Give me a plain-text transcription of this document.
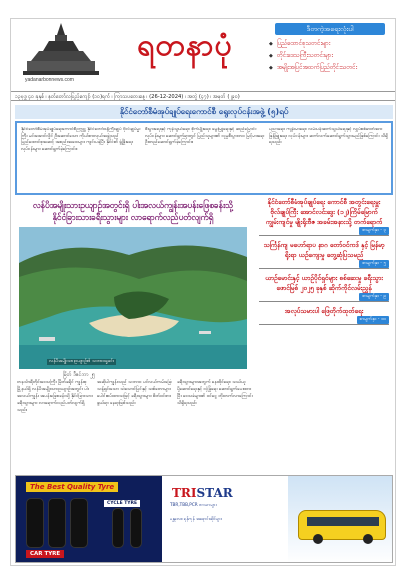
yadanarbonnews.com
ရတနာပုံ	ဒီတကဲ့အရေးလုံးပါ
◆ ပြည်ထောင်စုသတင်းများ
◆ တိုင်းဒေသကြီးသတင်းများ
◆ အမျိုးအပြင်အထက်ပြည်တိုင်းသတင်း
၁၃ဗုဒ္ဓ ၄ဝ ခုနှစ် ၊ နတ်တော်လပြည့်ကျော် (၁၀)ရက် ၊ ကြာသပတေးနေ့ ၊ (26-12-2024) ၊ အတွဲ (၄၇) ၊ အမှတ် (၂၉၀)
နိုင်ငံတော်စီမံအုပ်ချုပ်ရေးကောင်စီ ရွေးလုပ်ငန်းအဖွဲ့ (၅)ရပ်
နိုင်ငံတော်စီမံအုပ်ချုပ်ရေးကောင်စီဥက္ကဋ္ဌ နိုင်ငံတော်ဝန်ကြီးချုပ် ဗိုလ်ချုပ်မှူးကြီး မင်းအောင်လှိုင် ဦးဆောင်သော ကိုယ်စားလှယ်အဖွဲ့သည် ပြည်ထောင်စုအဆင့် အစည်းအဝေးများ ကျင်းပခဲ့ပြီး နိုင်ငံ၏ ဖွံ့ဖြိုးရေးလုပ်ငန်းများ ဆောင်ရွက်ခဲ့ကြောင်း။
စီးပွားရေးနှင့် ကုန်သွယ်ရေး၊ စိုက်ပျိုးရေး၊ မွေးမြူရေးနှင့် ဆည်မြောင်းလုပ်ငန်းများ ဆောင်ရွက်ရာတွင် ပြည်သူများ၏ လူမှုစီးပွားဘဝ မြင့်မားရေး ဦးတည်ဆောင်ရွက်ခဲ့ကြောင်း။
ပညာရေး၊ ကျန်းမာရေး၊ လမ်းပန်းဆက်သွယ်ရေးနှင့် လျှပ်စစ်ဓာတ်အား ဖြန့်ဖြူးရေး လုပ်ငန်းများ ဆက်လက်ဆောင်ရွက်သွားမည်ဖြစ်ကြောင်း သိရှိရသည်။
လန်ပိအမျိုးသားဥယျာဉ်အတွင်းရှိ ပါးအလယ်ကျွန်းအပန်းဖြေစခန်းသို့ နိုင်ငံခြားသားခရီးသွားများ လာရောက်လည်ပတ်လျက်ရှိ
လန်ပိအမျိုးသားဥယျာဉ်၏ သဘာဝရှုခင်း
မြိတ် ဒီဇင်ဘာ ၂၅
တနင်္သာရီတိုင်းဒေသကြီး မြိတ်ခရိုင် ကျွန်းစုမြို့နယ်ရှိ လန်ပိအမျိုးသားဥယျာဉ်အတွင်း ပါးအလယ်ကျွန်း အပန်းဖြေစခန်းသို့ နိုင်ငံခြားသား ခရီးသွားများ လာရောက်လည်ပတ်လျက်ရှိသည်။
အဆိုပါကျွန်းသည် သဘာဝ ပင်လယ်ကမ်းခြေ၊ သန့်ရှင်းသော သဲသောင်ပြင်နှင့် သစ်တောများ ပေါင်းစပ်ထားသဖြင့် ခရီးသွားများ စိတ်ဝင်စားဖွယ်ရာ နေရာဖြစ်သည်။
ခရီးသွားများအတွက် နေထိုင်ရေး၊ သယ်ယူပို့ဆောင်ရေးနှင့် လုံခြုံရေး ဆောင်ရွက်ပေးထားပြီး ဒေသခံများ၏ ဝင်ငွေ တိုးတက်လာကြောင်း သိရှိရသည်။
နိုင်ငံတော်စီမံအုပ်ချုပ်ရေး ကောင်စီ အတွင်းရေးမှူး ဗိုလ်ချုပ်ကြီး အောင်လင်းဒွေး (၁၂)ကြိမ်မြောက် ကျွမ်းကျင်မှု မျိုးရိုးဗီဇ အခမ်းအနားသို့ တက်ရောက်
စာမျက်နှာ - ၃
သင်္ကြန်ကျ မဟော်ရာပ နာဂ တော်ဝင်ကဒ် နှင့် မြန်မာ့ရိုးရာ ယဉ်ကျေးမှု တွေ့ဆုံပြသမည်
စာမျက်နှာ - ၅
ယာဉ်မောင်းနှင့် ယာဉ်ပိုင်ရှင်များ စစ်ဆေးမှု ခရီးသွား ဖောင်မြစ် ၂၀၂၅ ခုနှစ် ဆိုက်ကိုင်လမ်းညွှန်
စာမျက်နှာ - ၉
အလုပ်သမားပါ ဖြေတိုက်ထုတ်ရေး
စာမျက်နှာ - ၁၀
The Best Quality Tyre
CAR TYRE
CYCLE TYRE
TRISTAR
TBR,TBB,PCR တာယာများ
မန္တလေး၊ ရန်ကုန် အရောင်းဆိုင်များ
